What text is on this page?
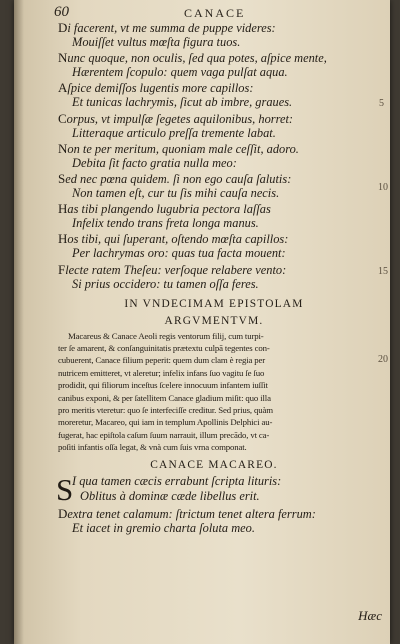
60	CANACE
5
10
15
20
Di facerent, vt me summa de puppe videres:
Mouiſſet vultus mœſta figura tuos.
Nunc quoque, non oculis, ſed qua potes, aſpice mente,
Hærentem ſcopulo: quem vaga pulſat aqua.
Aſpice demiſſos lugentis more capillos:
Et tunicas lachrymis, ſicut ab imbre, graues.
Corpus, vt impulſæ ſegetes aquilonibus, horret:
Litteraque articulo preſſa tremente labat.
Non te per meritum, quoniam male ceſſit, adoro.
Debita ſit facto gratia nulla meo:
Sed nec pœna quidem. ſi non ego cauſa ſalutis:
Non tamen eſt, cur tu ſis mihi cauſa necis.
Has tibi plangendo lugubria pectora laſſas
Infelix tendo trans freta longa manus.
Hos tibi, qui ſuperant, oſtendo mœſta capillos:
Per lachrymas oro: quas tua facta mouent:
Flecte ratem Theſeu: verſoque relabere vento:
Si prius occidero: tu tamen oſſa feres.
IN VNDECIMAM EPISTOLAM
ARGVMENTVM.
Macareus & Canace Aeoli regis ventorum filij, cum turpi-
ter ſe amarent, & conſanguinitatis prætextu culpā tegentes con-
cubuerent, Canace filium peperit: quem dum clam è regia per
nutricem emitteret, vt aleretur; infelix infans ſuo vagitu ſe ſuo
prodidit, qui filiorum inceſtus ſcelere innocuum infantem iuſſit
canibus exponi, & per ſatellitem Canace gladium miſit: quo illa
pro meritis vteretur: quo ſe interfeciſſe creditur. Sed prius, quàm
moreretur, Macareo, qui iam in templum Apollinis Delphici au-
fugerat, hac epiſtola caſum ſuum narrauit, illum precādo, vt ca-
poſiti infantis oſſa legat, & vnà cum ſuis vrna componat.
CANACE MACAREO.
S
I qua tamen cæcis errabunt ſcripta lituris:
Oblitus à dominæ cæde libellus erit.
Dextra tenet calamum: ſtrictum tenet altera ferrum:
Et iacet in gremio charta ſoluta meo.
Hæc
